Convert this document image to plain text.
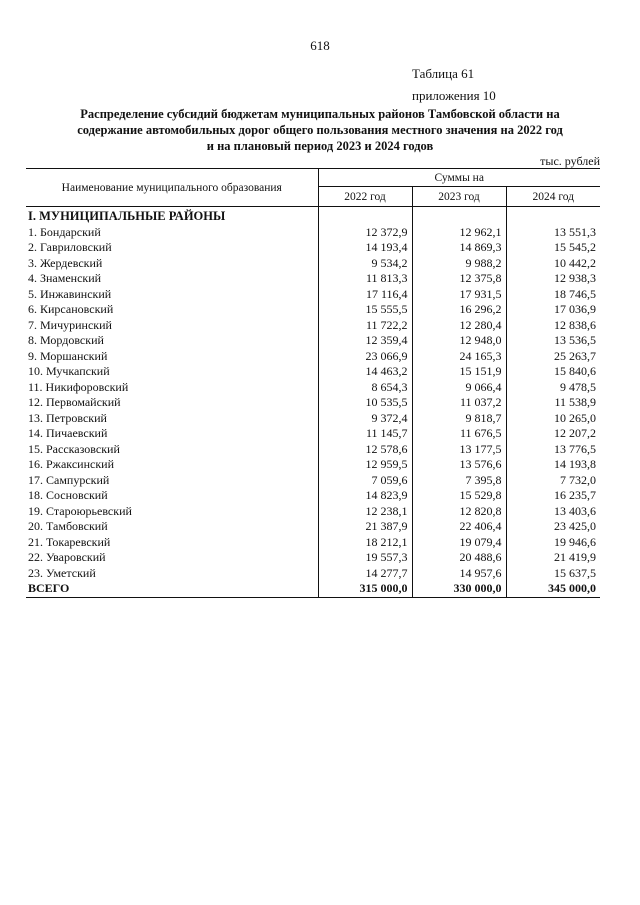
618
Таблица 61
приложения 10
Распределение субсидий бюджетам муниципальных районов Тамбовской области на
содержание автомобильных дорог общего пользования местного значения на 2022 год
и на плановый период 2023 и 2024 годов
тыс. рублей
Наименование муниципального образования	Суммы на		
	2022 год	2023 год	2024 год
I. МУНИЦИПАЛЬНЫЕ РАЙОНЫ			
1. Бондарский	12 372,9	12 962,1	13 551,3
2. Гавриловский	14 193,4	14 869,3	15 545,2
3. Жердевский	9 534,2	9 988,2	10 442,2
4. Знаменский	11 813,3	12 375,8	12 938,3
5. Инжавинский	17 116,4	17 931,5	18 746,5
6. Кирсановский	15 555,5	16 296,2	17 036,9
7. Мичуринский	11 722,2	12 280,4	12 838,6
8. Мордовский	12 359,4	12 948,0	13 536,5
9. Моршанский	23 066,9	24 165,3	25 263,7
10. Мучкапский	14 463,2	15 151,9	15 840,6
11. Никифоровский	8 654,3	9 066,4	9 478,5
12. Первомайский	10 535,5	11 037,2	11 538,9
13. Петровский	9 372,4	9 818,7	10 265,0
14. Пичаевский	11 145,7	11 676,5	12 207,2
15. Рассказовский	12 578,6	13 177,5	13 776,5
16. Ржаксинский	12 959,5	13 576,6	14 193,8
17. Сампурский	7 059,6	7 395,8	7 732,0
18. Сосновский	14 823,9	15 529,8	16 235,7
19. Староюрьевский	12 238,1	12 820,8	13 403,6
20. Тамбовский	21 387,9	22 406,4	23 425,0
21. Токаревский	18 212,1	19 079,4	19 946,6
22. Уваровский	19 557,3	20 488,6	21 419,9
23. Уметский	14 277,7	14 957,6	15 637,5
ВСЕГО	315 000,0	330 000,0	345 000,0
